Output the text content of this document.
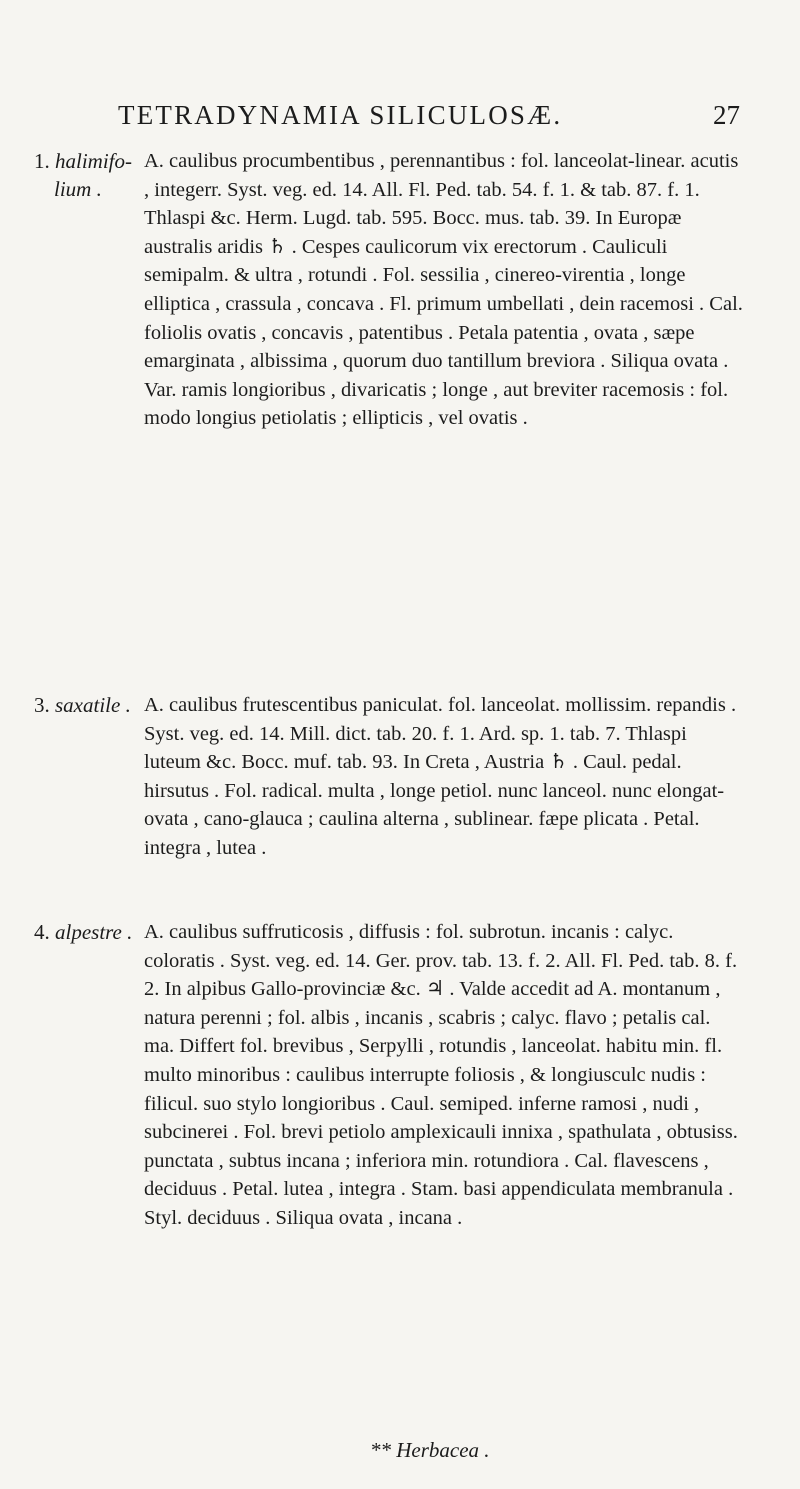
TETRADYNAMIA SILICULOSÆ.	27
1. halimifo-
lium .
A. caulibus procumbentibus , perennantibus : fol. lanceolat-linear. acutis , integerr. Syst. veg. ed. 14. All. Fl. Ped. tab. 54. f. 1. & tab. 87. f. 1. Thlaspi &c. Herm. Lugd. tab. 595. Bocc. mus. tab. 39. In Europæ australis aridis ♄ . Cespes caulicorum vix erectorum . Cauliculi semipalm. & ultra , rotundi . Fol. sessilia , cinereo-virentia , longe elliptica , crassula , concava . Fl. primum umbellati , dein racemosi . Cal. foliolis ovatis , concavis , patentibus . Petala patentia , ovata , sæpe emarginata , albissima , quorum duo tantillum breviora . Siliqua ovata . Var. ramis longioribus , divaricatis ; longe , aut breviter racemosis : fol. modo longius petiolatis ; ellipticis , vel ovatis .
3. saxatile . A. caulibus frutescentibus paniculat. fol. lanceolat. mollissim. repandis . Syst. veg. ed. 14. Mill. dict. tab. 20. f. 1. Ard. sp. 1. tab. 7. Thlaspi luteum &c. Bocc. muf. tab. 93. In Creta , Austria ♄ . Caul. pedal. hirsutus . Fol. radical. multa , longe petiol. nunc lanceol. nunc elongat-ovata , cano-glauca ; caulina alterna , sublinear. fæpe plicata . Petal. integra , lutea .
4. alpestre . A. caulibus suffruticosis , diffusis : fol. subrotun. incanis : calyc. coloratis . Syst. veg. ed. 14. Ger. prov. tab. 13. f. 2. All. Fl. Ped. tab. 8. f. 2. In alpibus Gallo-provinciæ &c. ♃ . Valde accedit ad A. montanum , natura perenni ; fol. albis , incanis , scabris ; calyc. flavo ; petalis cal. ma. Differt fol. brevibus , Serpylli , rotundis , lanceolat. habitu min. fl. multo minoribus : caulibus interrupte foliosis , & longiusculc nudis : filicul. suo stylo longioribus . Caul. semiped. inferne ramosi , nudi , subcinerei . Fol. brevi petiolo amplexicauli innixa , spathulata , obtusiss. punctata , subtus incana ; inferiora min. rotundiora . Cal. flavescens , deciduus . Petal. lutea , integra . Stam. basi appendiculata membranula . Styl. deciduus . Siliqua ovata , incana .
** Herbacea .
